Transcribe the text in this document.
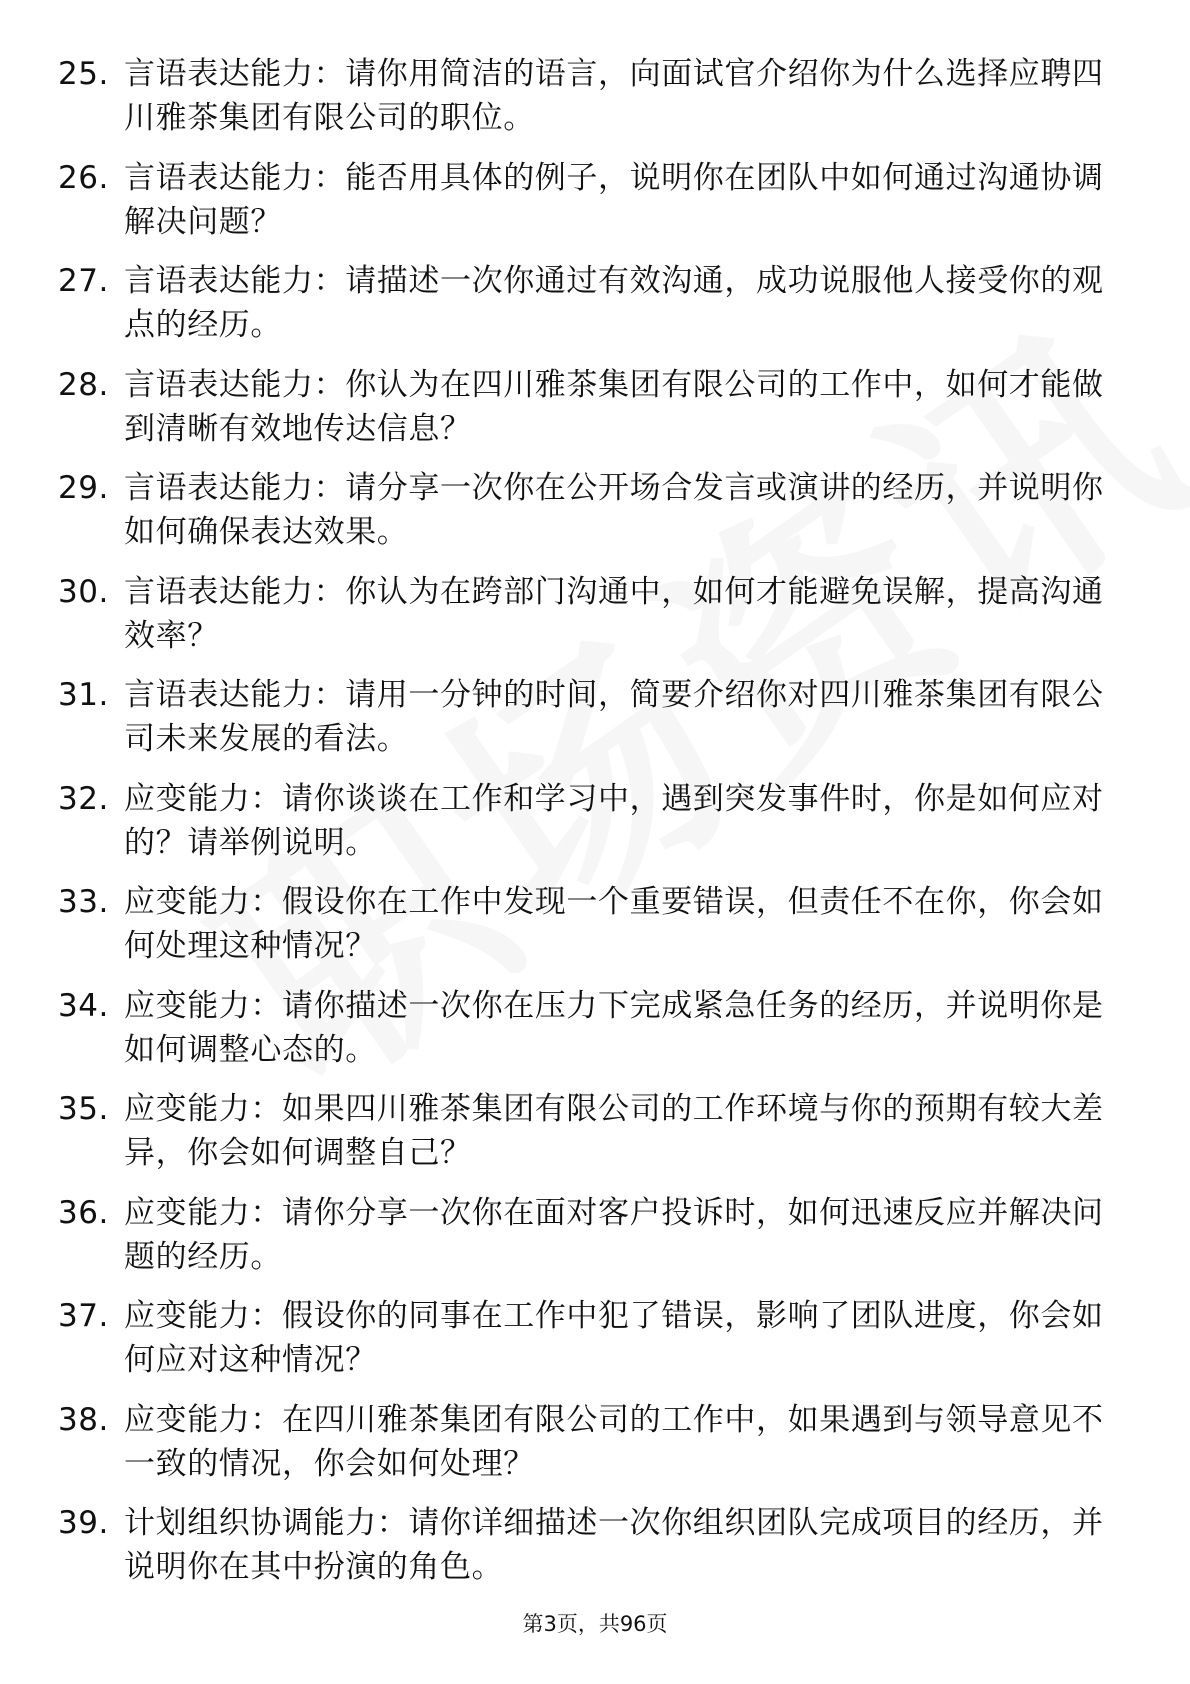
25. 言语表达能力：请你用简洁的语言，向面试官介绍你为什么选择应聘四川雅茶集团有限公司的职位。
26. 言语表达能力：能否用具体的例子，说明你在团队中如何通过沟通协调解决问题？
27. 言语表达能力：请描述一次你通过有效沟通，成功说服他人接受你的观点的经历。
28. 言语表达能力：你认为在四川雅茶集团有限公司的工作中，如何才能做到清晰有效地传达信息？
29. 言语表达能力：请分享一次你在公开场合发言或演讲的经历，并说明你如何确保表达效果。
30. 言语表达能力：你认为在跨部门沟通中，如何才能避免误解，提高沟通效率？
31. 言语表达能力：请用一分钟的时间，简要介绍你对四川雅茶集团有限公司未来发展的看法。
32. 应变能力：请你谈谈在工作和学习中，遇到突发事件时，你是如何应对的？请举例说明。
33. 应变能力：假设你在工作中发现一个重要错误，但责任不在你，你会如何处理这种情况？
34. 应变能力：请你描述一次你在压力下完成紧急任务的经历，并说明你是如何调整心态的。
35. 应变能力：如果四川雅茶集团有限公司的工作环境与你的预期有较大差异，你会如何调整自己？
36. 应变能力：请你分享一次你在面对客户投诉时，如何迅速反应并解决问题的经历。
37. 应变能力：假设你的同事在工作中犯了错误，影响了团队进度，你会如何应对这种情况？
38. 应变能力：在四川雅茶集团有限公司的工作中，如果遇到与领导意见不一致的情况，你会如何处理？
39. 计划组织协调能力：请你详细描述一次你组织团队完成项目的经历，并说明你在其中扮演的角色。
第3页，共96页
